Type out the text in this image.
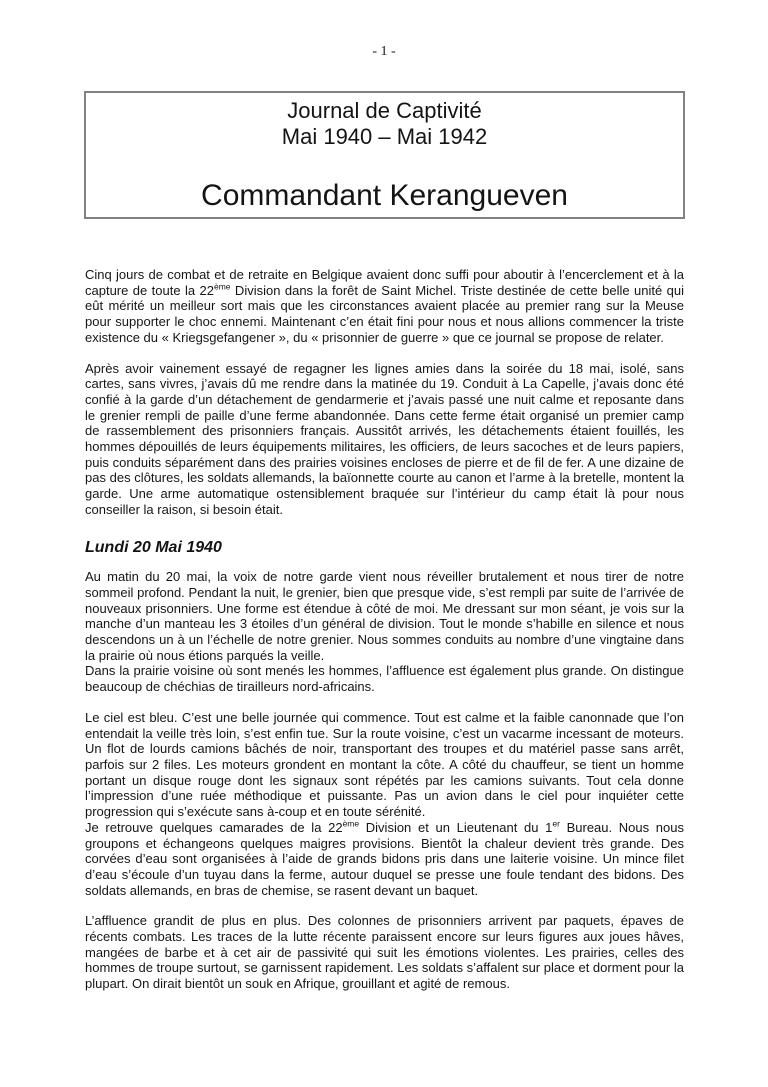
- 1 -
Journal de Captivité
Mai 1940 – Mai 1942
Commandant Kerangueven

Cinq jours de combat et de retraite en Belgique avaient donc suffi pour aboutir à l’encerclement et à la capture de toute la 22ème Division dans la forêt de Saint Michel. Triste destinée de cette belle unité qui eût mérité un meilleur sort mais que les circonstances avaient placée au premier rang sur la Meuse pour supporter le choc ennemi. Maintenant c’en était fini pour nous et nous allions commencer la triste existence du « Kriegsgefangener », du « prisonnier de guerre » que ce journal se propose de relater.

Après avoir vainement essayé de regagner les lignes amies dans la soirée du 18 mai, isolé, sans cartes, sans vivres, j’avais dû me rendre dans la matinée du 19. Conduit à La Capelle, j’avais donc été confié à la garde d’un détachement de gendarmerie et j’avais passé une nuit calme et reposante dans le grenier rempli de paille d’une ferme abandonnée. Dans cette ferme était organisé un premier camp de rassemblement des prisonniers français. Aussitôt arrivés, les détachements étaient fouillés, les hommes dépouillés de leurs équipements militaires, les officiers, de leurs sacoches et de leurs papiers, puis conduits séparément dans des prairies voisines encloses de pierre et de fil de fer. A une dizaine de pas des clôtures, les soldats allemands, la baïonnette courte au canon et l’arme à la bretelle, montent la garde. Une arme automatique ostensiblement braquée sur l’intérieur du camp était là pour nous conseiller la raison, si besoin était.

Lundi 20 Mai 1940

Au matin du 20 mai, la voix de notre garde vient nous réveiller brutalement et nous tirer de notre sommeil profond. Pendant la nuit, le grenier, bien que presque vide, s’est rempli par suite de l’arrivée de nouveaux prisonniers. Une forme est étendue à côté de moi. Me dressant sur mon séant, je vois sur la manche d’un manteau les 3 étoiles d’un général de division. Tout le monde s’habille en silence et nous descendons un à un l’échelle de notre grenier. Nous sommes conduits au nombre d’une vingtaine dans la prairie où nous étions parqués la veille.

Dans la prairie voisine où sont menés les hommes, l’affluence est également plus grande. On distingue beaucoup de chéchias de tirailleurs nord-africains.

Le ciel est bleu. C’est une belle journée qui commence. Tout est calme et la faible canonnade que l’on entendait la veille très loin, s’est enfin tue. Sur la route voisine, c’est un vacarme incessant de moteurs. Un flot de lourds camions bâchés de noir, transportant des troupes et du matériel passe sans arrêt, parfois sur 2 files. Les moteurs grondent en montant la côte. A côté du chauffeur, se tient un homme portant un disque rouge dont les signaux sont répétés par les camions suivants. Tout cela donne l’impression d’une ruée méthodique et puissante. Pas un avion dans le ciel pour inquiéter cette progression qui s’exécute sans à-coup et en toute sérénité.

Je retrouve quelques camarades de la 22ème Division et un Lieutenant du 1er Bureau. Nous nous groupons et échangeons quelques maigres provisions. Bientôt la chaleur devient très grande. Des corvées d’eau sont organisées à l’aide de grands bidons pris dans une laiterie voisine. Un mince filet d’eau s’écoule d’un tuyau dans la ferme, autour duquel se presse une foule tendant des bidons. Des soldats allemands, en bras de chemise, se rasent devant un baquet.

L’affluence grandit de plus en plus. Des colonnes de prisonniers arrivent par paquets, épaves de récents combats. Les traces de la lutte récente paraissent encore sur leurs figures aux joues hâves, mangées de barbe et à cet air de passivité qui suit les émotions violentes. Les prairies, celles des hommes de troupe surtout, se garnissent rapidement. Les soldats s’affalent sur place et dorment pour la plupart. On dirait bientôt un souk en Afrique, grouillant et agité de remous.
